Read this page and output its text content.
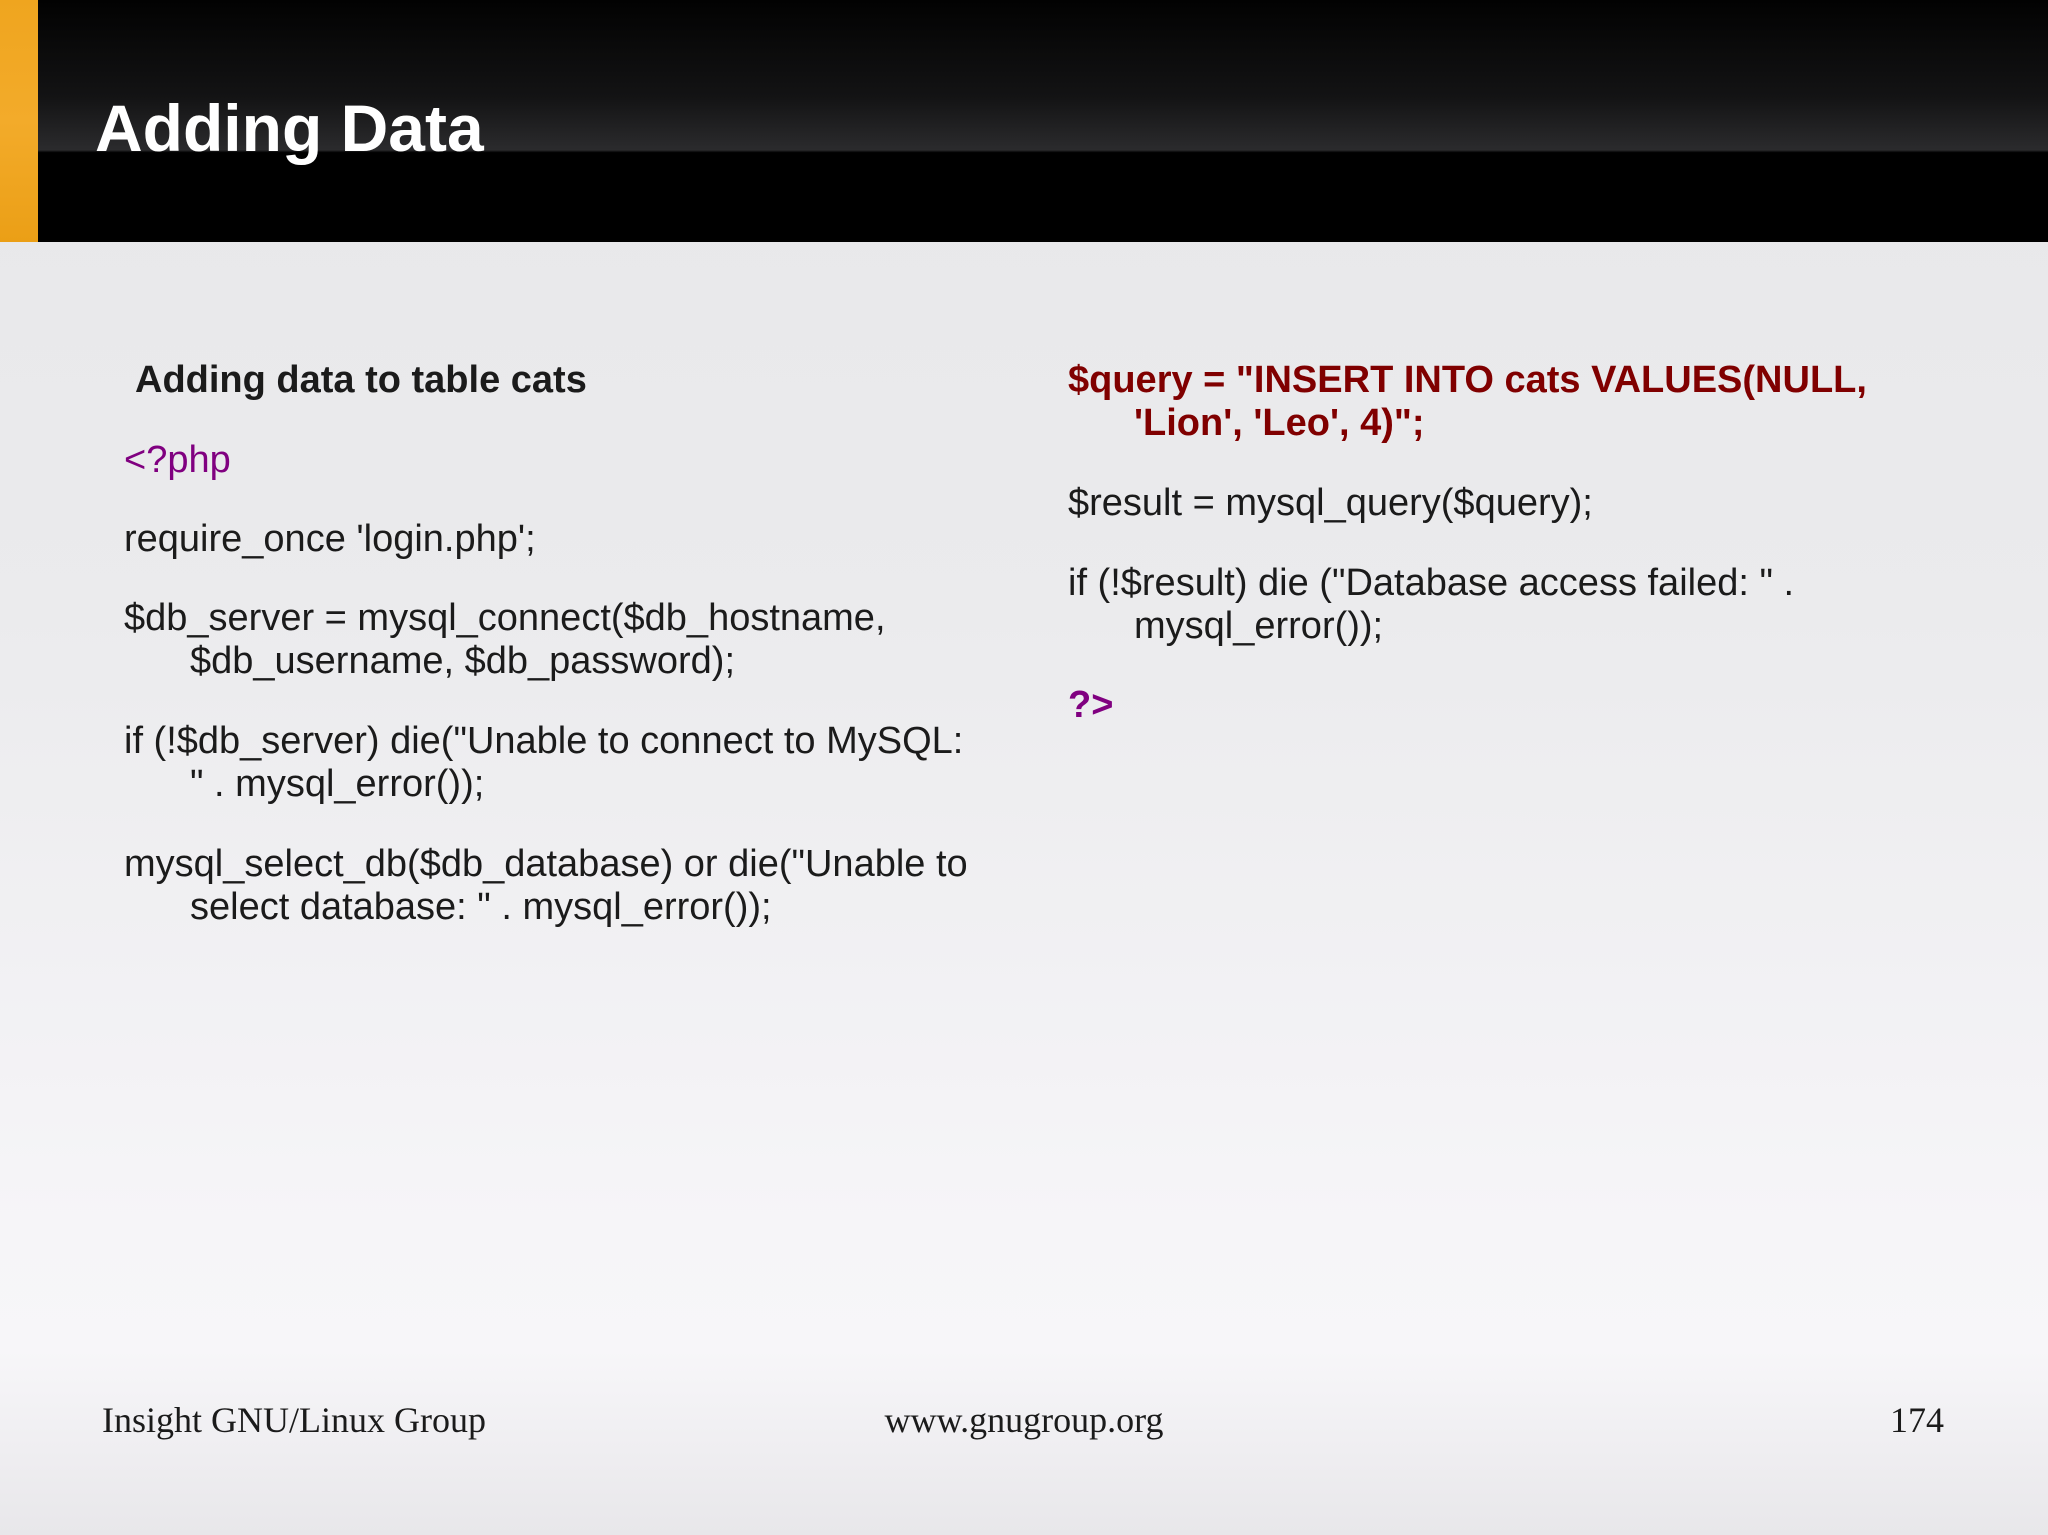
Adding Data
Adding data to table cats
<?php
require_once 'login.php';
$db_server = mysql_connect($db_hostname,
$db_username, $db_password);
if (!$db_server) die("Unable to connect to MySQL:
" . mysql_error());
mysql_select_db($db_database) or die("Unable to
select database: " . mysql_error());
$query = "INSERT INTO cats VALUES(NULL,
'Lion', 'Leo', 4)";
$result = mysql_query($query);
if (!$result) die ("Database access failed: " .
mysql_error());
?>
Insight GNU/Linux Group	www.gnugroup.org	174
